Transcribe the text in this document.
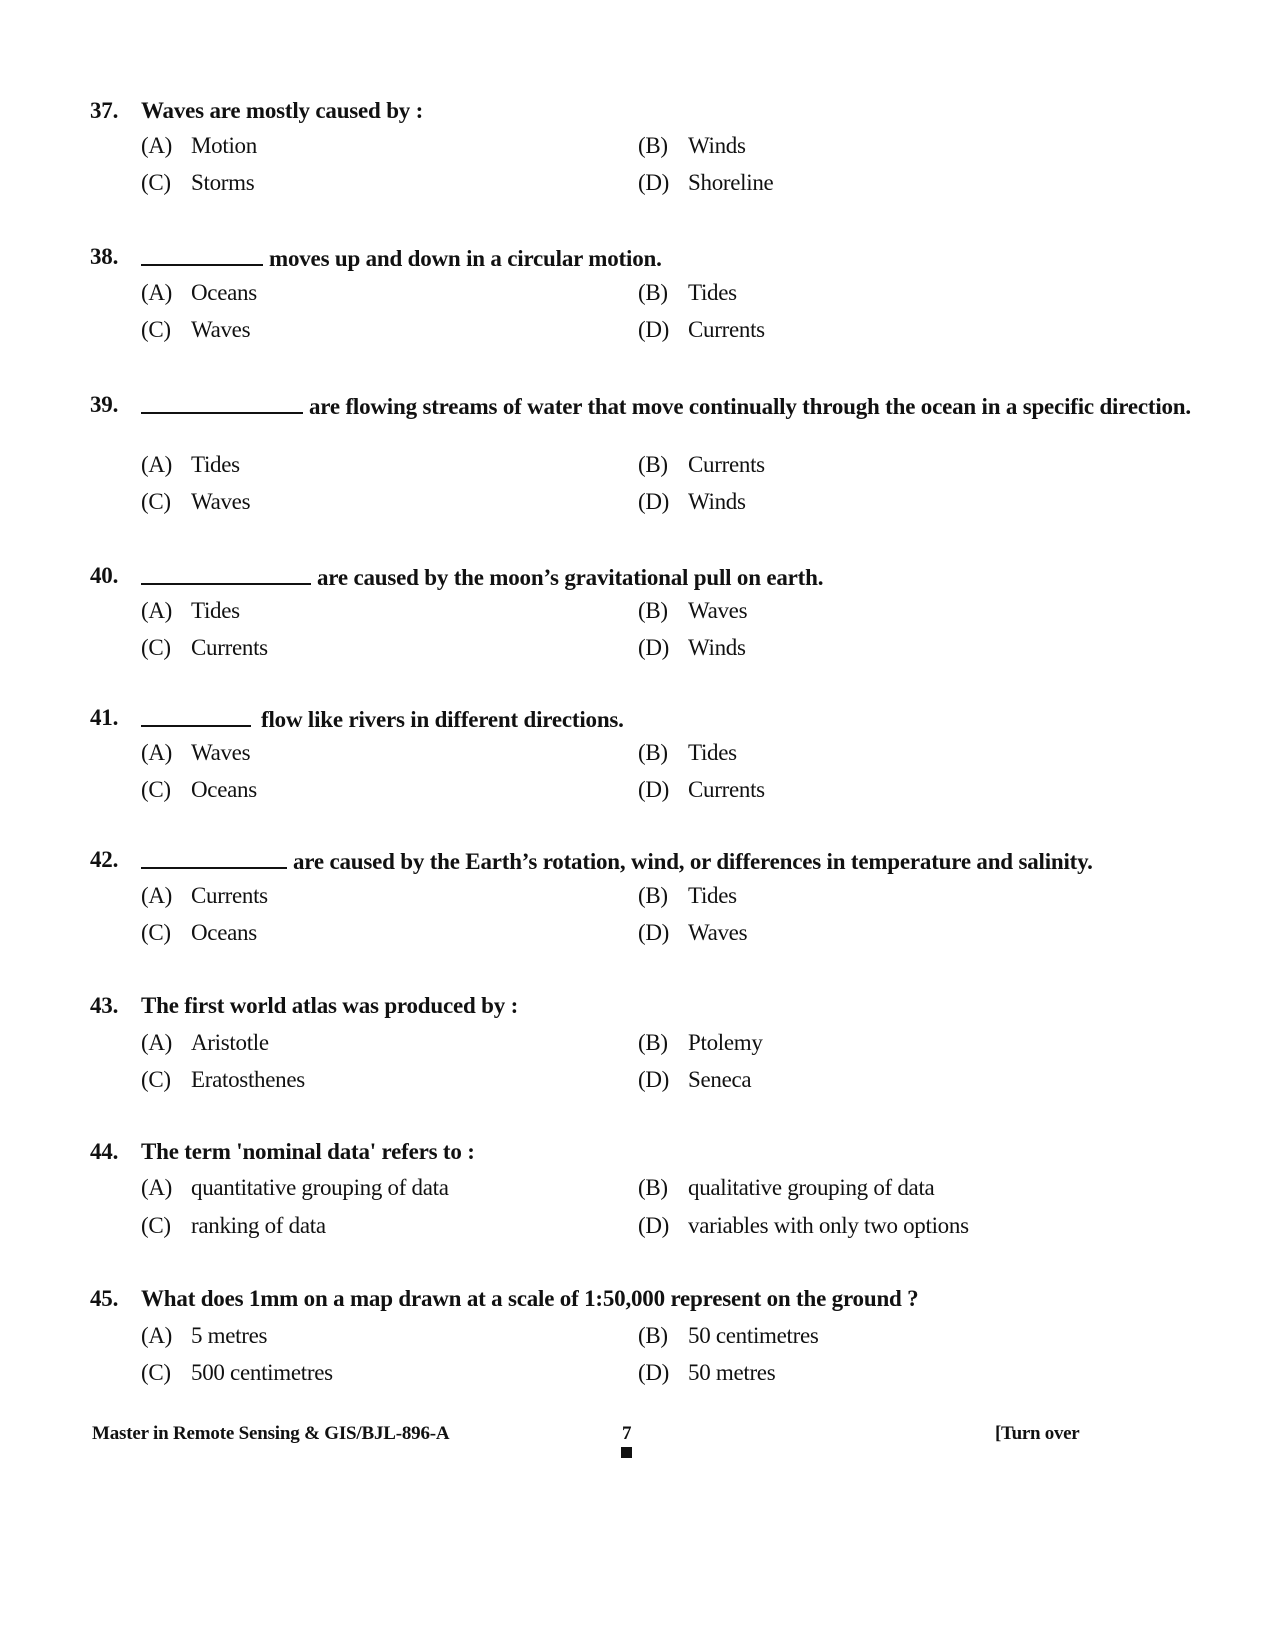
37. Waves are mostly caused by :
(A) Motion	(B) Winds
(C) Storms	(D) Shoreline
38.	moves up and down in a circular motion.
(A) Oceans	(B) Tides
(C) Waves	(D) Currents
39.	are flowing streams of water that move continually through the ocean in a specific direction.
(A) Tides	(B) Currents
(C) Waves	(D) Winds
40.	are caused by the moon’s gravitational pull on earth.
(A) Tides	(B) Waves
(C) Currents	(D) Winds
41.	flow like rivers in different directions.
(A) Waves	(B) Tides
(C) Oceans	(D) Currents
42.	are caused by the Earth’s rotation, wind, or differences in temperature and salinity.
(A) Currents	(B) Tides
(C) Oceans	(D) Waves
43. The first world atlas was produced by :
(A) Aristotle	(B) Ptolemy
(C) Eratosthenes	(D) Seneca
44. The term 'nominal data' refers to :
(A) quantitative grouping of data	(B) qualitative grouping of data
(C) ranking of data	(D) variables with only two options
45. What does 1mm on a map drawn at a scale of 1:50,000 represent on the ground ?
(A) 5 metres	(B) 50 centimetres
(C) 500 centimetres	(D) 50 metres
Master in Remote Sensing & GIS/BJL-896-A	7	[Turn over
